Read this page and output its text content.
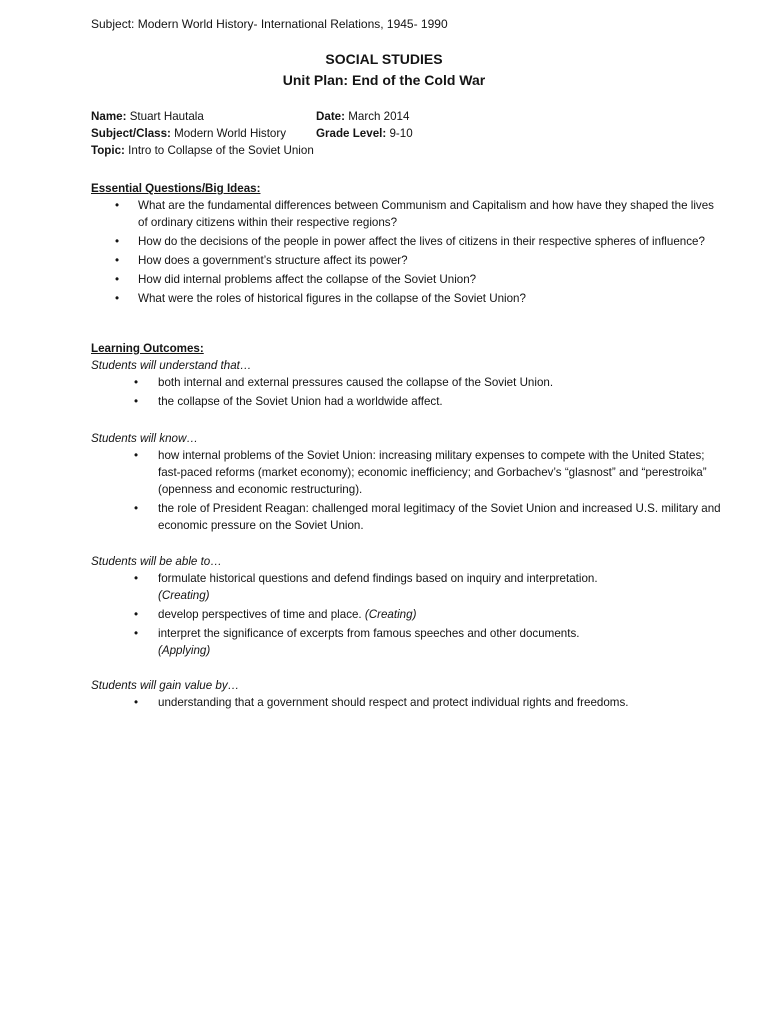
Subject: Modern World History- International Relations, 1945- 1990
SOCIAL STUDIES
Unit Plan: End of the Cold War
Name: Stuart Hautala	Date: March 2014
Subject/Class: Modern World History	Grade Level: 9-10
Topic: Intro to Collapse of the Soviet Union
Essential Questions/Big Ideas:
• What are the fundamental differences between Communism and Capitalism and how have they shaped the lives of ordinary citizens within their respective regions?
• How do the decisions of the people in power affect the lives of citizens in their respective spheres of influence?
• How does a government’s structure affect its power?
• How did internal problems affect the collapse of the Soviet Union?
• What were the roles of historical figures in the collapse of the Soviet Union?
Learning Outcomes:
Students will understand that…
• both internal and external pressures caused the collapse of the Soviet Union.
• the collapse of the Soviet Union had a worldwide affect.
Students will know…
• how internal problems of the Soviet Union: increasing military expenses to compete with the United States; fast-paced reforms (market economy); economic inefficiency; and Gorbachev’s “glasnost” and “perestroika” (openness and economic restructuring).
• the role of President Reagan: challenged moral legitimacy of the Soviet Union and increased U.S. military and economic pressure on the Soviet Union.
Students will be able to…
• formulate historical questions and defend findings based on inquiry and interpretation.
(Creating)
• develop perspectives of time and place. (Creating)
• interpret the significance of excerpts from famous speeches and other documents.
(Applying)
Students will gain value by…
• understanding that a government should respect and protect individual rights and freedoms.
